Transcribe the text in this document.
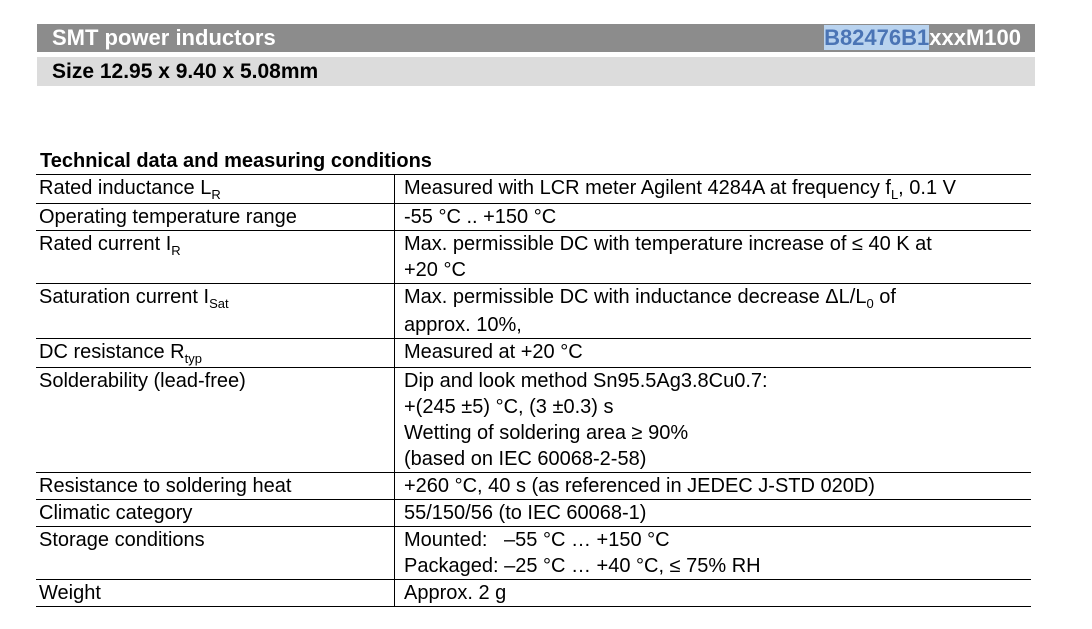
SMT power inductors	B82476B1xxxM100
Size 12.95 x 9.40 x 5.08mm
Technical data and measuring conditions
Rated inductance $L_R$	Measured with LCR meter Agilent 4284A at frequency $f_L$, 0.1 V
Operating temperature range	-55 °C .. +150 °C
Rated current $I_R$	Max. permissible DC with temperature increase of ≤ 40 K at
+20 °C

Saturation current $I_{Sat}$	Max. permissible DC with inductance decrease $\Delta L/L_0$ of
approx. 10%,

DC resistance $R_{typ}$	Measured at +20 °C
Solderability (lead-free)	Dip and look method Sn95.5Ag3.8Cu0.7:
+(245 ±5) °C, (3 ±0.3) s
Wetting of soldering area ≥ 90%
(based on IEC 60068-2-58)

Resistance to soldering heat	+260 °C, 40 s (as referenced in JEDEC J-STD 020D)
Climatic category	55/150/56 (to IEC 60068-1)
Storage conditions	Mounted:   –55 °C … +150 °C
Packaged: –25 °C … +40 °C, ≤ 75% RH

Weight	Approx. 2 g
